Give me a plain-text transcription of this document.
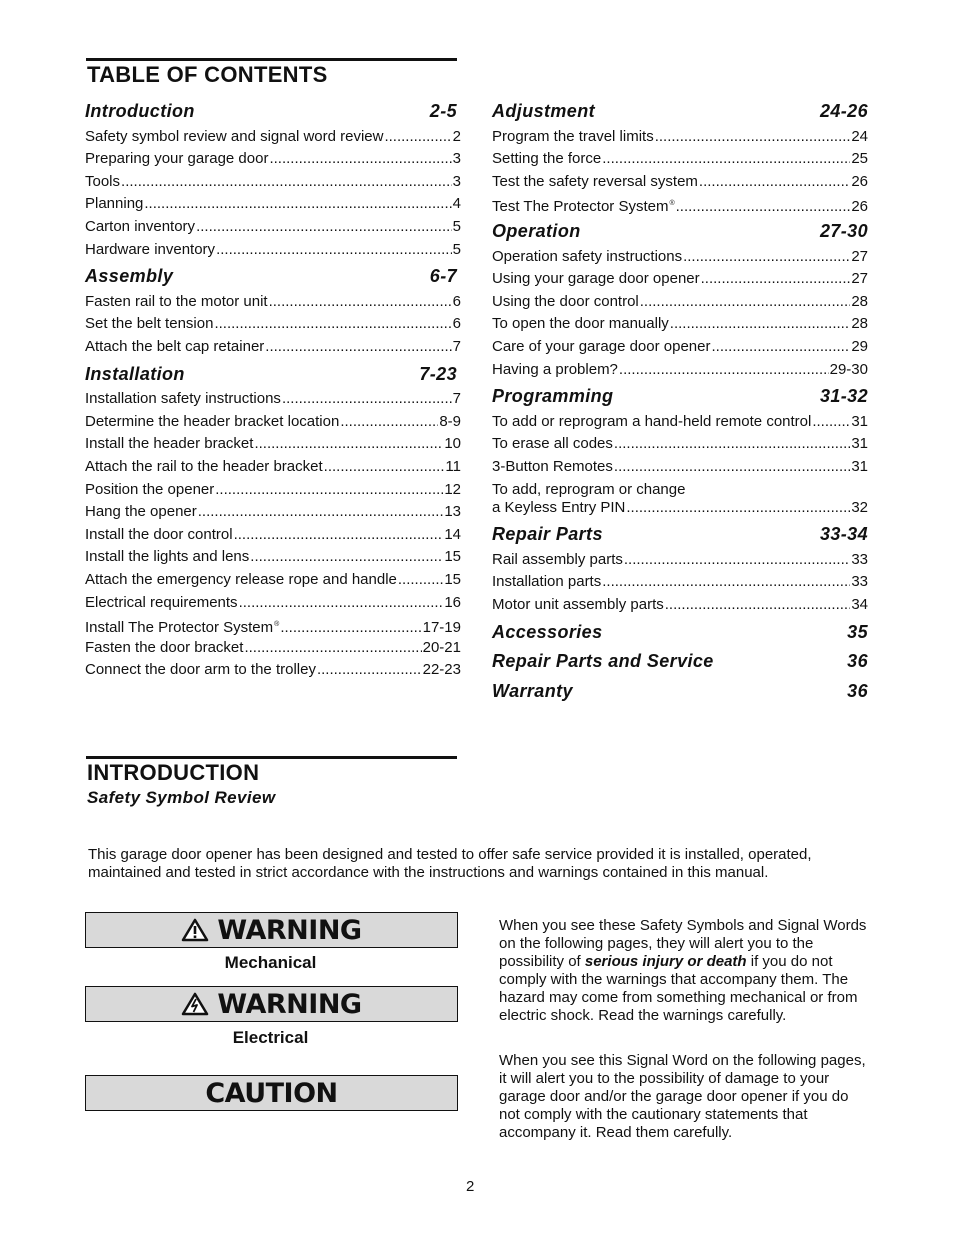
TABLE OF CONTENTS
Introduction	2-5
Safety symbol review and signal word review .....	2
Preparing your garage door .....	3
Tools .....	3
Planning .....	4
Carton inventory .....	5
Hardware inventory .....	5
Assembly	6-7
Fasten rail to the motor unit .....	6
Set the belt tension .....	6
Attach the belt cap retainer .....	7
Installation	7-23
Installation safety instructions .....	7
Determine the header bracket location .....	8-9
Install the header bracket .....	10
Attach the rail to the header bracket .....	11
Position the opener .....	12
Hang the opener .....	13
Install the door control .....	14
Install the lights and lens .....	15
Attach the emergency release rope and handle .....	15
Electrical requirements .....	16
Install The Protector System® .....	17-19
Fasten the door bracket .....	20-21
Connect the door arm to the trolley .....	22-23
Adjustment	24-26
Program the travel limits .....	24
Setting the force .....	25
Test the safety reversal system .....	26
Test The Protector System® .....	26
Operation	27-30
Operation safety instructions .....	27
Using your garage door opener .....	27
Using the door control .....	28
To open the door manually .....	28
Care of your garage door opener .....	29
Having a problem? .....	29-30
Programming	31-32
To add or reprogram a hand-held remote control .....	31
To erase all codes .....	31
3-Button Remotes .....	31
To add, reprogram or change
a Keyless Entry PIN .....	32
Repair Parts	33-34
Rail assembly parts .....	33
Installation parts .....	33
Motor unit assembly parts .....	34
Accessories	35
Repair Parts and Service	36
Warranty	36
INTRODUCTION
Safety Symbol Review
This garage door opener has been designed and tested to offer safe service provided it is installed, operated, maintained and tested in strict accordance with the instructions and warnings contained in this manual.
WARNING
Mechanical
WARNING
Electrical
CAUTION
When you see these Safety Symbols and Signal Words on the following pages, they will alert you to the possibility of serious injury or death if you do not comply with the warnings that accompany them. The hazard may come from something mechanical or from electric shock. Read the warnings carefully.
When you see this Signal Word on the following pages, it will alert you to the possibility of damage to your garage door and/or the garage door opener if you do not comply with the cautionary statements that accompany it. Read them carefully.
2
